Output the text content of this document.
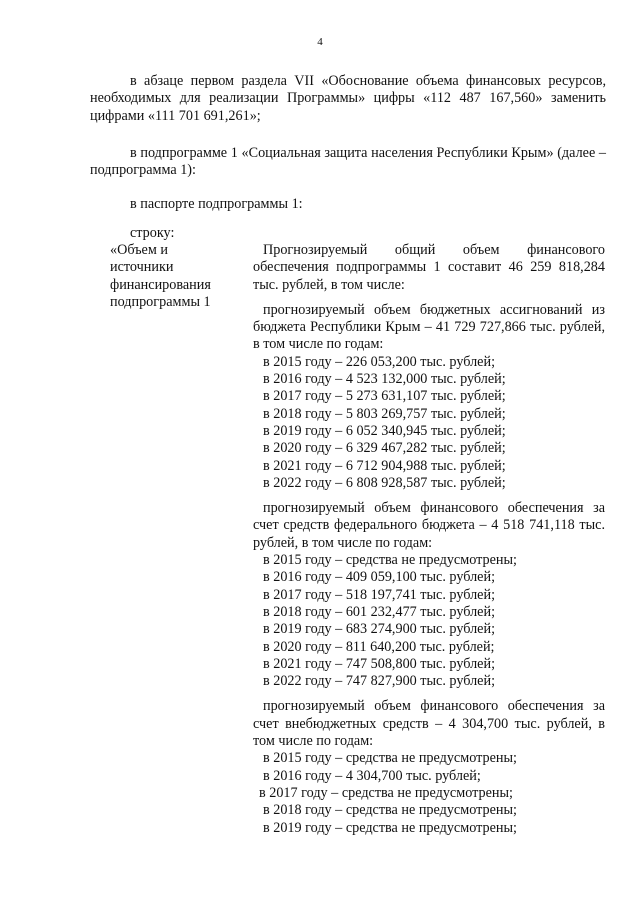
4

в абзаце первом раздела VII «Обоснование объема финансовых ресурсов, необходимых для реализации Программы» цифры «112 487 167,560» заменить цифрами «111 701 691,261»;

в подпрограмме 1 «Социальная защита населения Республики Крым» (далее – подпрограмма 1):

в паспорте подпрограммы 1:

строку:

«Объем и
источники
финансирования
подпрограммы 1

Прогнозируемый общий объем финансового обеспечения подпрограммы 1 составит 46 259 818,284 тыс. рублей, в том числе:

прогнозируемый объем бюджетных ассигнований из бюджета Республики Крым – 41 729 727,866 тыс. рублей, в том числе по годам:

в 2015 году – 226 053,200 тыс. рублей;
в 2016 году – 4 523 132,000 тыс. рублей;
в 2017 году – 5 273 631,107 тыс. рублей;
в 2018 году – 5 803 269,757 тыс. рублей;
в 2019 году – 6 052 340,945 тыс. рублей;
в 2020 году – 6 329 467,282 тыс. рублей;
в 2021 году – 6 712 904,988 тыс. рублей;
в 2022 году – 6 808 928,587 тыс. рублей;

прогнозируемый объем финансового обеспечения за счет средств федерального бюджета – 4 518 741,118 тыс. рублей, в том числе по годам:

в 2015 году – средства не предусмотрены;
в 2016 году – 409 059,100 тыс. рублей;
в 2017 году – 518 197,741 тыс. рублей;
в 2018 году – 601 232,477 тыс. рублей;
в 2019 году – 683 274,900 тыс. рублей;
в 2020 году – 811 640,200 тыс. рублей;
в 2021 году – 747 508,800 тыс. рублей;
в 2022 году – 747 827,900 тыс. рублей;

прогнозируемый объем финансового обеспечения за счет внебюджетных средств – 4 304,700 тыс. рублей, в том числе по годам:

в 2015 году – средства не предусмотрены;
в 2016 году – 4 304,700 тыс. рублей;
в 2017 году – средства не предусмотрены;
в 2018 году – средства не предусмотрены;
в 2019 году – средства не предусмотрены;
